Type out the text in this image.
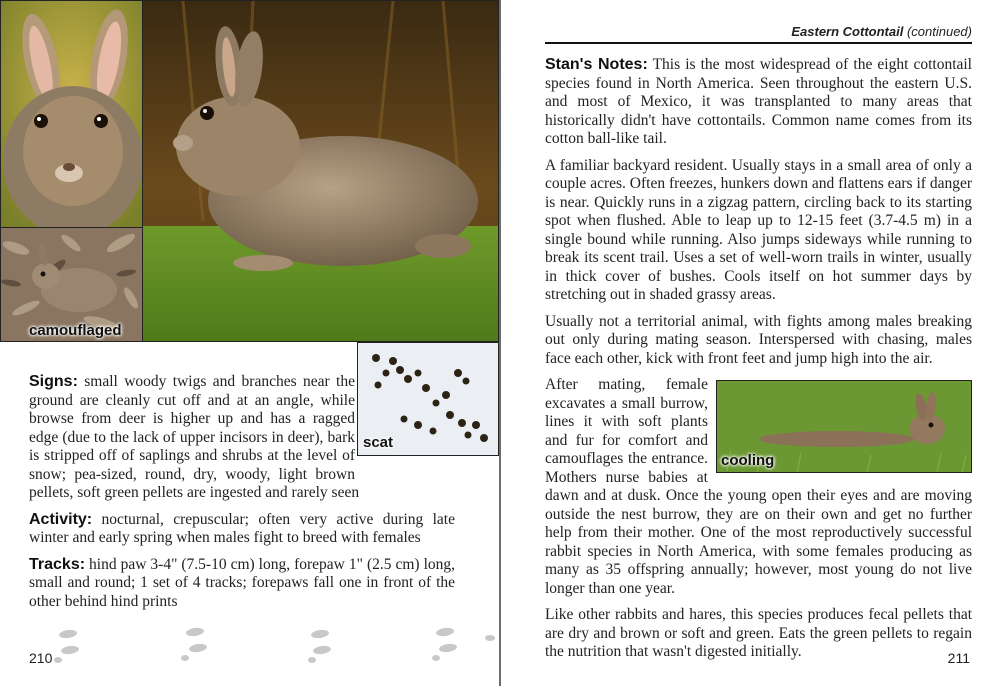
camouflaged
scat

Signs: small woody twigs and branches near the ground are cleanly cut off and at an angle, while browse from deer is higher up and has a ragged edge (due to the lack of upper incisors in deer), bark is stripped off of saplings and shrubs at the level of snow; pea-sized, round, dry, woody, light brown pellets, soft green pellets are ingested and rarely seen

Activity: nocturnal, crepuscular; often very active during late winter and early spring when males fight to breed with females

Tracks: hind paw 3-4" (7.5-10 cm) long, forepaw 1" (2.5 cm) long, small and round; 1 set of 4 tracks; forepaws fall one in front of the other behind hind prints

210
Eastern Cottontail (continued)

Stan's Notes: This is the most widespread of the eight cottontail species found in North America. Seen throughout the eastern U.S. and most of Mexico, it was transplanted to many areas that historically didn't have cottontails. Common name comes from its cotton ball-like tail.

A familiar backyard resident. Usually stays in a small area of only a couple acres. Often freezes, hunkers down and flattens ears if danger is near. Quickly runs in a zigzag pattern, circling back to its starting spot when flushed. Able to leap up to 12-15 feet (3.7-4.5 m) in a single bound while running. Also jumps sideways while running to break its scent trail. Uses a set of well-worn trails in winter, usually in thick cover of bushes. Cools itself on hot summer days by stretching out in shaded grassy areas.

Usually not a territorial animal, with fights among males breaking out only during mating season. Interspersed with chasing, males face each other, kick with front feet and jump high into the air.

cooling

After mating, female excavates a small burrow, lines it with soft plants and fur for comfort and camouflages the entrance. Mothers nurse babies at dawn and at dusk. Once the young open their eyes and are moving outside the nest burrow, they are on their own and get no further help from their mother. One of the most reproductively successful rabbit species in North America, with some females producing as many as 35 offspring annually; however, most young do not live longer than one year.

Like other rabbits and hares, this species produces fecal pellets that are dry and brown or soft and green. Eats the green pellets to regain the nutrition that wasn't digested initially.	211
